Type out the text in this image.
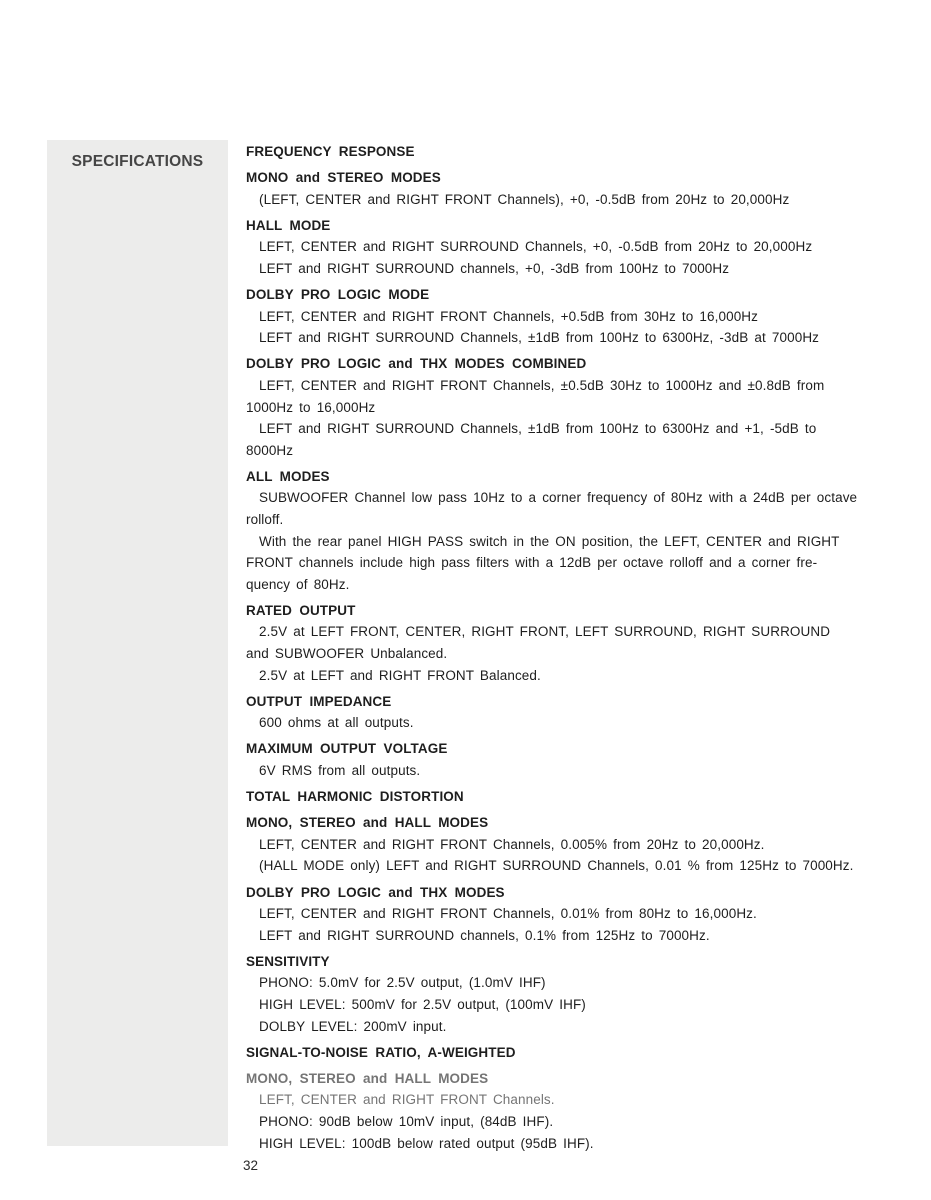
SPECIFICATIONS
FREQUENCY RESPONSE
MONO and STEREO MODES
(LEFT, CENTER and RIGHT FRONT Channels), +0, -0.5dB from 20Hz to 20,000Hz
HALL MODE
LEFT, CENTER and RIGHT SURROUND Channels, +0, -0.5dB from 20Hz to 20,000Hz
LEFT and RIGHT SURROUND channels, +0, -3dB from 100Hz to 7000Hz
DOLBY PRO LOGIC MODE
LEFT, CENTER and RIGHT FRONT Channels, +0.5dB from 30Hz to 16,000Hz
LEFT and RIGHT SURROUND Channels, ±1dB from 100Hz to 6300Hz, -3dB at 7000Hz
DOLBY PRO LOGIC and THX MODES COMBINED
LEFT, CENTER and RIGHT FRONT Channels, ±0.5dB 30Hz to 1000Hz and ±0.8dB from
1000Hz to 16,000Hz
LEFT and RIGHT SURROUND Channels, ±1dB from 100Hz to 6300Hz and +1, -5dB to
8000Hz
ALL MODES
SUBWOOFER Channel low pass 10Hz to a corner frequency of 80Hz with a 24dB per octave
rolloff.
With the rear panel HIGH PASS switch in the ON position, the LEFT, CENTER and RIGHT
FRONT channels include high pass filters with a 12dB per octave rolloff and a corner fre-
quency of 80Hz.
RATED OUTPUT
2.5V at LEFT FRONT, CENTER, RIGHT FRONT, LEFT SURROUND, RIGHT SURROUND
and SUBWOOFER Unbalanced.
2.5V at LEFT and RIGHT FRONT Balanced.
OUTPUT IMPEDANCE
600 ohms at all outputs.
MAXIMUM OUTPUT VOLTAGE
6V RMS from all outputs.
TOTAL HARMONIC DISTORTION
MONO, STEREO and HALL MODES
LEFT, CENTER and RIGHT FRONT Channels, 0.005% from 20Hz to 20,000Hz.
(HALL MODE only) LEFT and RIGHT SURROUND Channels, 0.01 % from 125Hz to 7000Hz.
DOLBY PRO LOGIC and THX MODES
LEFT, CENTER and RIGHT FRONT Channels, 0.01% from 80Hz to 16,000Hz.
LEFT and RIGHT SURROUND channels, 0.1% from 125Hz to 7000Hz.
SENSITIVITY
PHONO: 5.0mV for 2.5V output, (1.0mV IHF)
HIGH LEVEL: 500mV for 2.5V output, (100mV IHF)
DOLBY LEVEL: 200mV input.
SIGNAL-TO-NOISE RATIO, A-WEIGHTED
MONO, STEREO and HALL MODES
LEFT, CENTER and RIGHT FRONT Channels.
PHONO: 90dB below 10mV input, (84dB IHF).
HIGH LEVEL: 100dB below rated output (95dB IHF).
32
